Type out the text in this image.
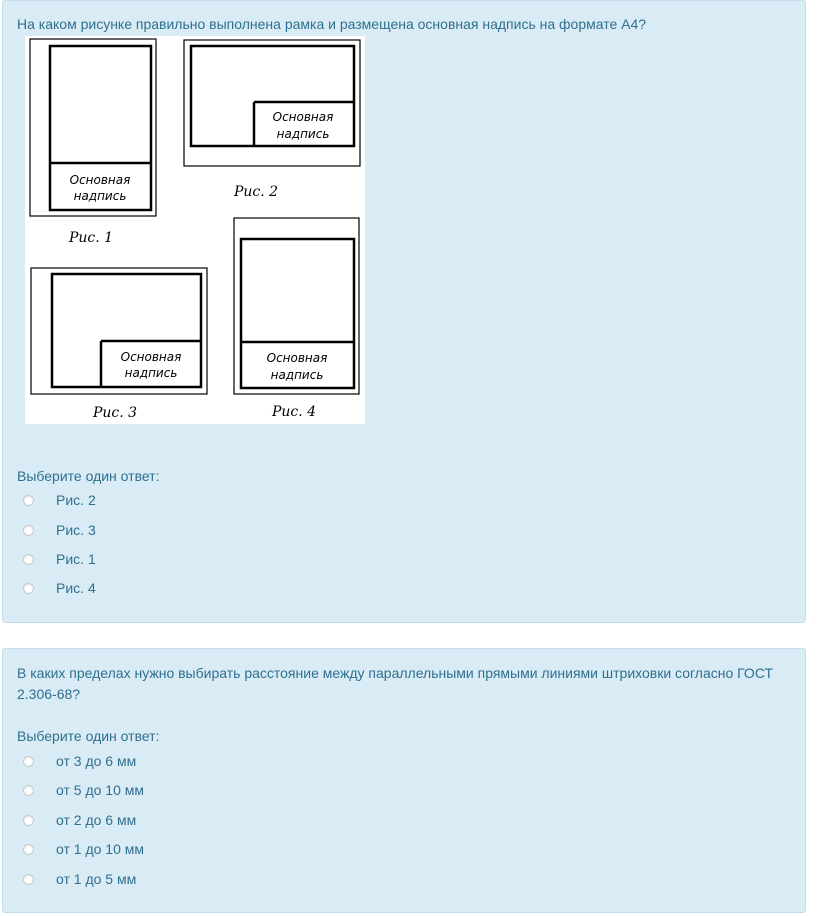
На каком рисунке правильно выполнена рамка и размещена основная надпись на формате А4?
Основная
надпись
Рис. 1
Основная
надпись
Рис. 2
Основная
надпись
Рис. 3
Основная
надпись
Рис. 4
Выберите один ответ:
Рис. 2
Рис. 3
Рис. 1
Рис. 4
В каких пределах нужно выбирать расстояние между параллельными прямыми линиями штриховки согласно ГОСТ 2.306-68?
Выберите один ответ:
от 3 до 6 мм
от 5 до 10 мм
от 2 до 6 мм
от 1 до 10 мм
от 1 до 5 мм
